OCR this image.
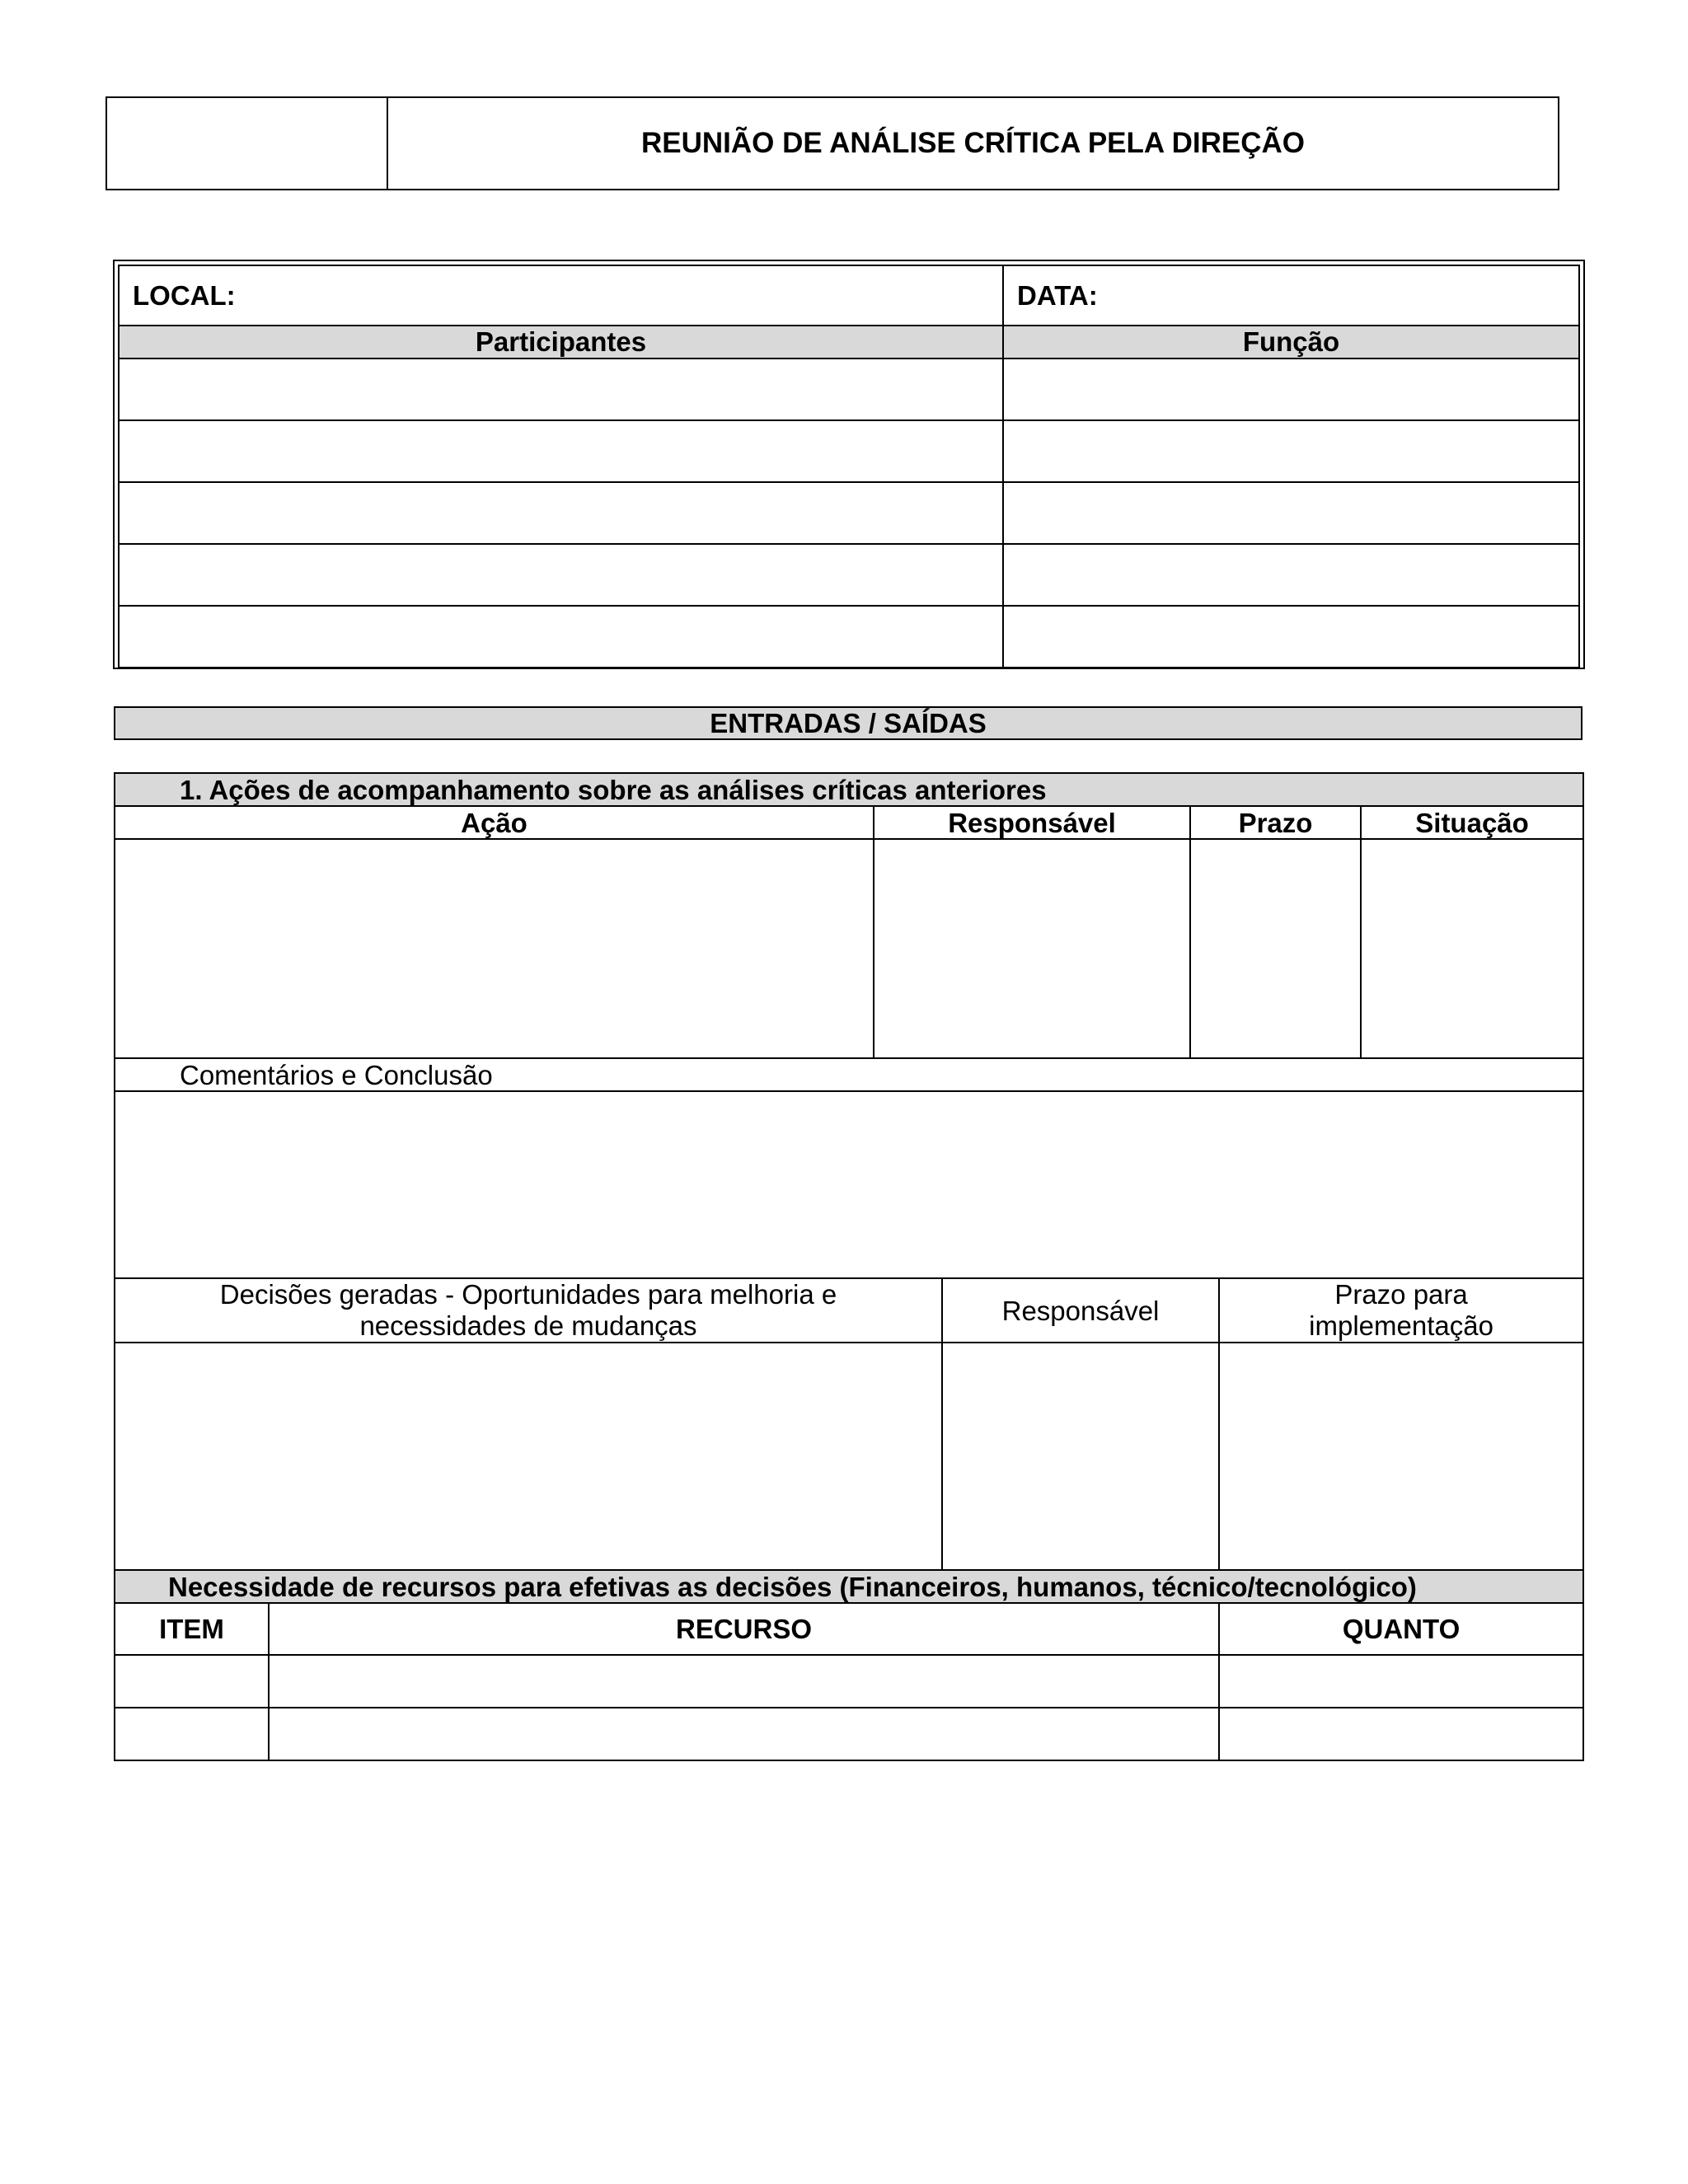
	REUNIÃO DE ANÁLISE CRÍTICA PELA DIREÇÃO
LOCAL:	DATA:
Participantes	Função

ENTRADAS / SAÍDAS
1. Ações de acompanhamento sobre as análises críticas anteriores						
Ação		Responsável		Prazo		Situação

Comentários e Conclusão						

Decisões geradas - Oportunidades para melhoria e necessidades de mudanças			Responsável		Prazo para implementação	

Necessidade de recursos para efetivas as decisões (Financeiros, humanos, técnico/tecnológico)						
ITEM	RECURSO				QUANTO	
